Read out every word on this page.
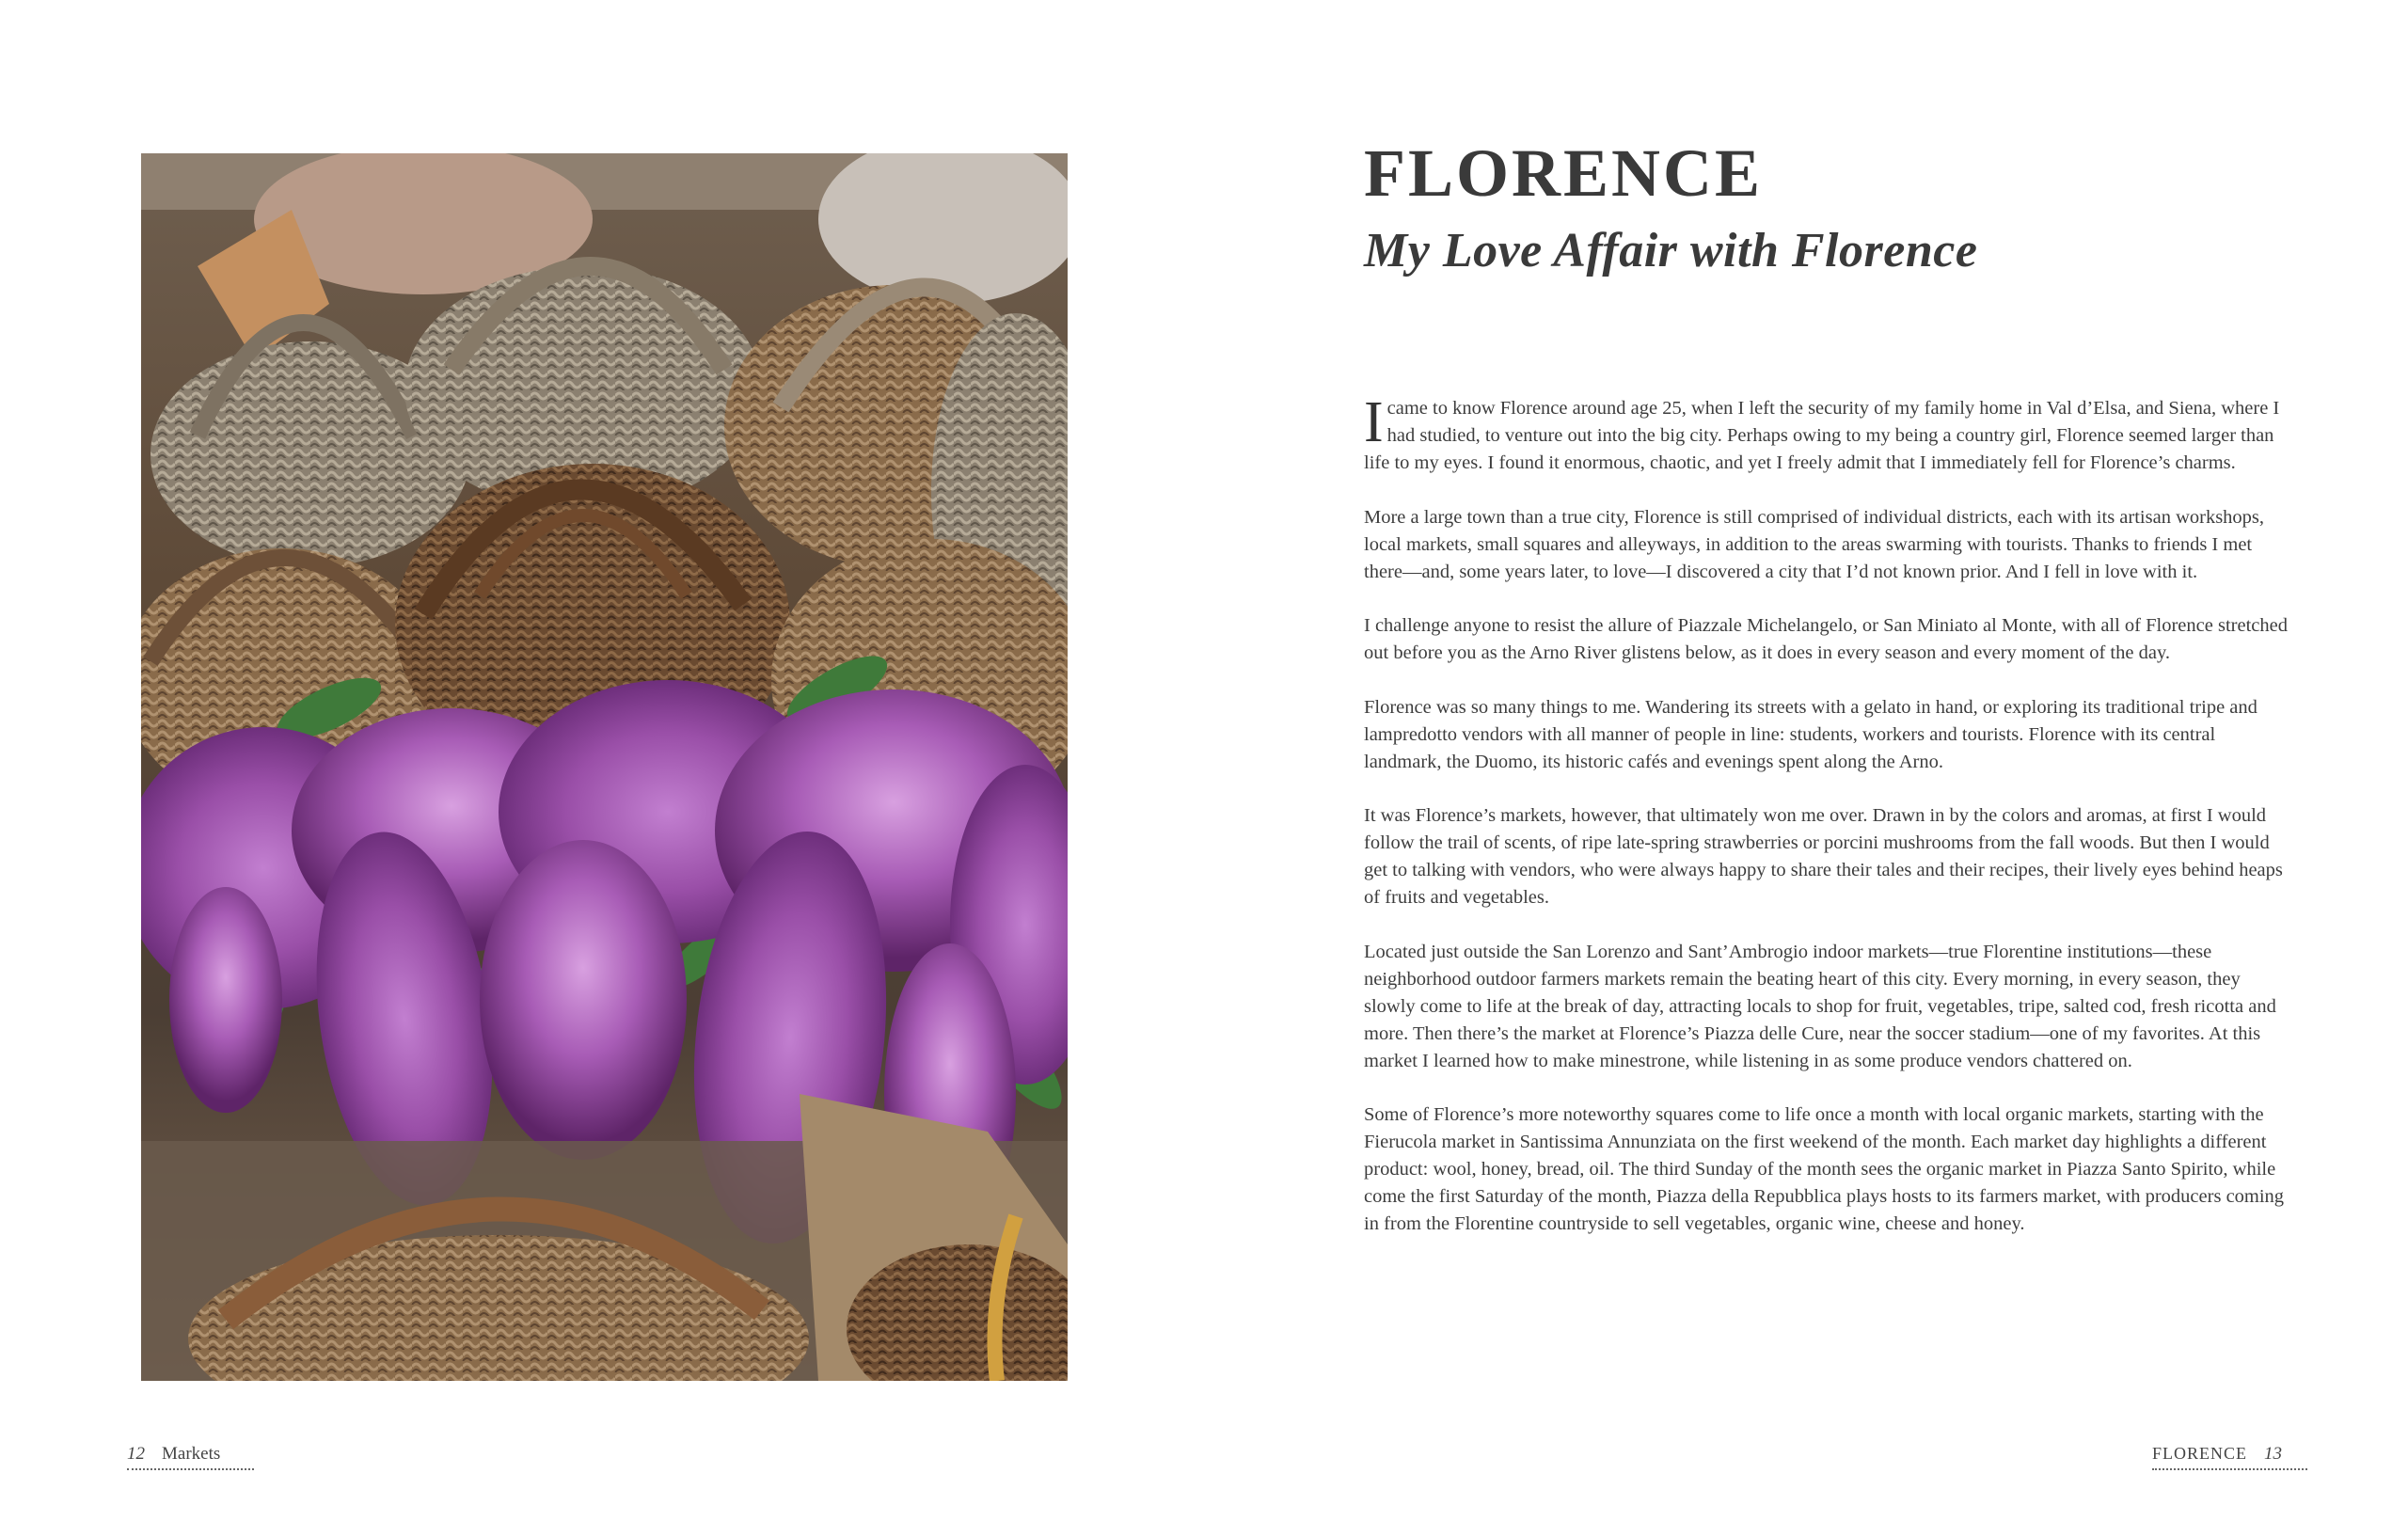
FLORENCE
My Love Affair with Florence

I came to know Florence around age 25, when I left the security of my family home in Val d’Elsa, and Siena, where I had studied, to venture out into the big city. Perhaps owing to my being a country girl, Florence seemed larger than life to my eyes. I found it enormous, chaotic, and yet I freely admit that I immediately fell for Florence’s charms.

More a large town than a true city, Florence is still comprised of individual districts, each with its artisan workshops, local markets, small squares and alleyways, in addition to the areas swarming with tourists. Thanks to friends I met there—and, some years later, to love—I discovered a city that I’d not known prior. And I fell in love with it.

I challenge anyone to resist the allure of Piazzale Michelangelo, or San Miniato al Monte, with all of Florence stretched out before you as the Arno River glistens below, as it does in every season and every moment of the day.

Florence was so many things to me. Wandering its streets with a gelato in hand, or exploring its traditional tripe and lampredotto vendors with all manner of people in line: students, workers and tourists. Florence with its central landmark, the Duomo, its historic cafés and evenings spent along the Arno.

It was Florence’s markets, however, that ultimately won me over. Drawn in by the colors and aromas, at first I would follow the trail of scents, of ripe late-spring strawberries or porcini mushrooms from the fall woods. But then I would get to talking with vendors, who were always happy to share their tales and their recipes, their lively eyes behind heaps of fruits and vegetables.

Located just outside the San Lorenzo and Sant’Ambrogio indoor markets—true Florentine institutions—these neighborhood outdoor farmers markets remain the beating heart of this city. Every morning, in every season, they slowly come to life at the break of day, attracting locals to shop for fruit, vegetables, tripe, salted cod, fresh ricotta and more. Then there’s the market at Florence’s Piazza delle Cure, near the soccer stadium—one of my favorites. At this market I learned how to make minestrone, while listening in as some produce vendors chattered on.

Some of Florence’s more noteworthy squares come to life once a month with local organic markets, starting with the Fierucola market in Santissima Annunziata on the first weekend of the month. Each market day highlights a different product: wool, honey, bread, oil. The third Sunday of the month sees the organic market in Piazza Santo Spirito, while come the first Saturday of the month, Piazza della Repubblica plays hosts to its farmers market, with producers coming in from the Florentine countryside to sell vegetables, organic wine, cheese and honey.

12 Markets	FLORENCE 13
